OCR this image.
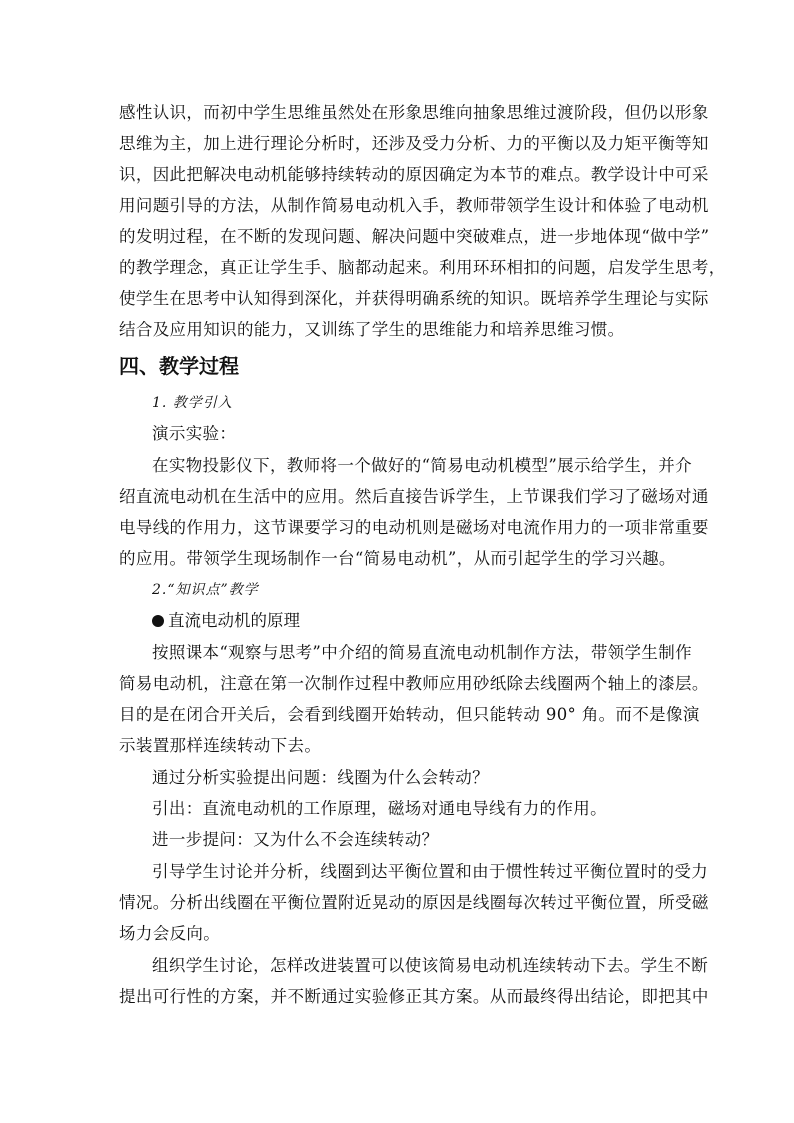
感性认识，而初中学生思维虽然处在形象思维向抽象思维过渡阶段，但仍以形象
思维为主，加上进行理论分析时，还涉及受力分析、力的平衡以及力矩平衡等知
识，因此把解决电动机能够持续转动的原因确定为本节的难点。教学设计中可采
用问题引导的方法，从制作简易电动机入手，教师带领学生设计和体验了电动机
的发明过程，在不断的发现问题、解决问题中突破难点，进一步地体现“做中学”
的教学理念，真正让学生手、脑都动起来。利用环环相扣的问题，启发学生思考，
使学生在思考中认知得到深化，并获得明确系统的知识。既培养学生理论与实际
结合及应用知识的能力，又训练了学生的思维能力和培养思维习惯。
四、教学过程
1. 教学引入
演示实验：
在实物投影仪下，教师将一个做好的“简易电动机模型”展示给学生，并介
绍直流电动机在生活中的应用。然后直接告诉学生，上节课我们学习了磁场对通
电导线的作用力，这节课要学习的电动机则是磁场对电流作用力的一项非常重要
的应用。带领学生现场制作一台“简易电动机”，从而引起学生的学习兴趣。
2.“知识点”教学
直流电动机的原理
按照课本“观察与思考”中介绍的简易直流电动机制作方法，带领学生制作
简易电动机，注意在第一次制作过程中教师应用砂纸除去线圈两个轴上的漆层。
目的是在闭合开关后，会看到线圈开始转动，但只能转动 90° 角。而不是像演
示装置那样连续转动下去。
通过分析实验提出问题：线圈为什么会转动？
引出：直流电动机的工作原理，磁场对通电导线有力的作用。
进一步提问：又为什么不会连续转动？
引导学生讨论并分析，线圈到达平衡位置和由于惯性转过平衡位置时的受力
情况。分析出线圈在平衡位置附近晃动的原因是线圈每次转过平衡位置，所受磁
场力会反向。
组织学生讨论，怎样改进装置可以使该简易电动机连续转动下去。学生不断
提出可行性的方案，并不断通过实验修正其方案。从而最终得出结论，即把其中
